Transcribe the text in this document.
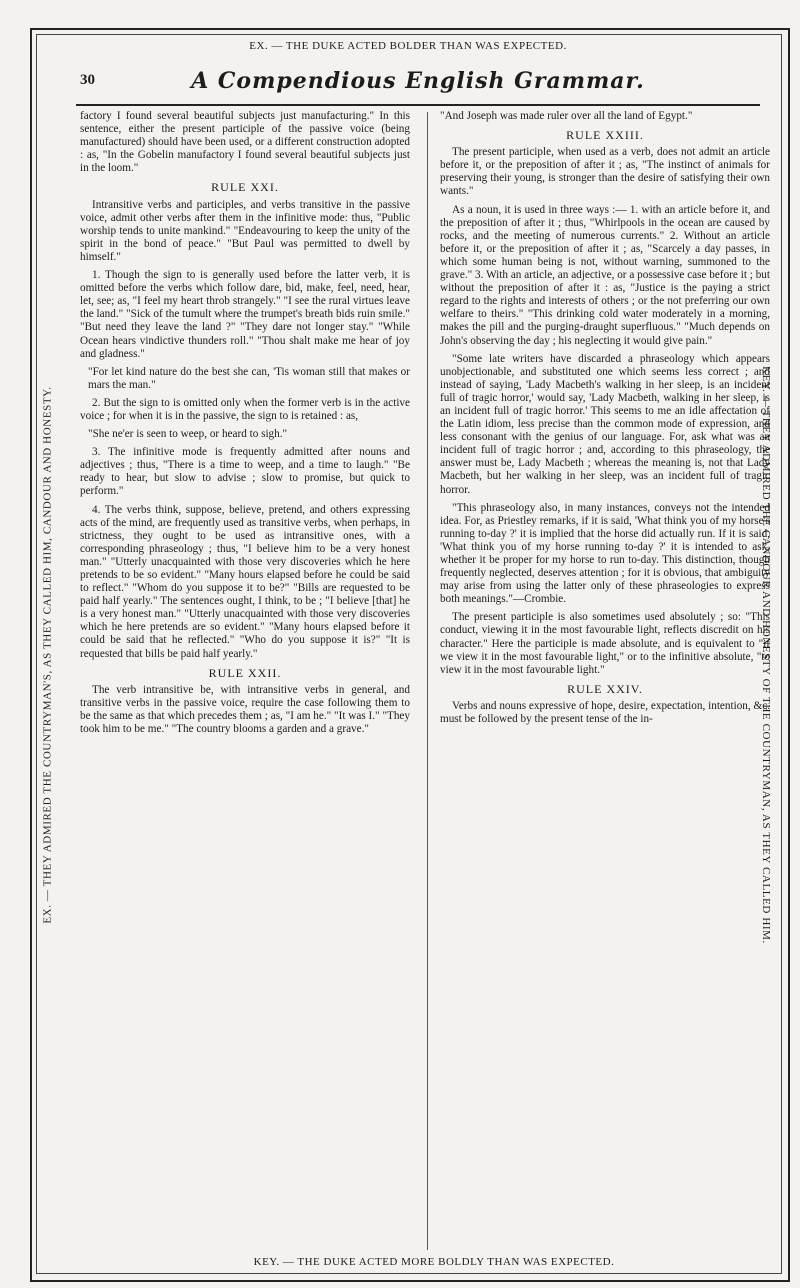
EX. — THE DUKE ACTED BOLDER THAN WAS EXPECTED.
KEY. — THE DUKE ACTED MORE BOLDLY THAN WAS EXPECTED.
EX. — THEY ADMIRED THE COUNTRYMAN'S, AS THEY CALLED HIM, CANDOUR AND HONESTY.	KEY. — THEY ADMIRED THE CANDOUR AND HONESTY OF THE COUNTRYMAN, AS THEY CALLED HIM.
30	A Compendious English Grammar.

factory I found several beautiful subjects just manufacturing." In this sentence, either the present participle of the passive voice (being manufactured) should have been used, or a different construction adopted : as, "In the Gobelin manufactory I found several beautiful subjects just in the loom."

RULE XXI.

Intransitive verbs and participles, and verbs transitive in the passive voice, admit other verbs after them in the infinitive mode: thus, "Public worship tends to unite mankind." "Endeavouring to keep the unity of the spirit in the bond of peace." "But Paul was permitted to dwell by himself."

1. Though the sign to is generally used before the latter verb, it is omitted before the verbs which follow dare, bid, make, feel, need, hear, let, see; as, "I feel my heart throb strangely." "I see the rural virtues leave the land." "Sick of the tumult where the trumpet's breath bids ruin smile." "But need they leave the land ?" "They dare not longer stay." "While Ocean hears vindictive thunders roll." "Thou shalt make me hear of joy and gladness."

"For let kind nature do the best she can, 'Tis woman still that makes or mars the man."

2. But the sign to is omitted only when the former verb is in the active voice ; for when it is in the passive, the sign to is retained : as,

"She ne'er is seen to weep, or heard to sigh."

3. The infinitive mode is frequently admitted after nouns and adjectives ; thus, "There is a time to weep, and a time to laugh." "Be ready to hear, but slow to advise ; slow to promise, but quick to perform."

4. The verbs think, suppose, believe, pretend, and others expressing acts of the mind, are frequently used as transitive verbs, when perhaps, in strictness, they ought to be used as intransitive ones, with a corresponding phraseology ; thus, "I believe him to be a very honest man." "Utterly unacquainted with those very discoveries which he here pretends to be so evident." "Many hours elapsed before he could be said to reflect." "Whom do you suppose it to be?" "Bills are requested to be paid half yearly." The sentences ought, I think, to be ; "I believe [that] he is a very honest man." "Utterly unacquainted with those very discoveries which he here pretends are so evident." "Many hours elapsed before it could be said that he reflected." "Who do you suppose it is?" "It is requested that bills be paid half yearly."

RULE XXII.

The verb intransitive be, with intransitive verbs in general, and transitive verbs in the passive voice, require the case following them to be the same as that which precedes them ; as, "I am he." "It was I." "They took him to be me." "The country blooms a garden and a grave."

"And Joseph was made ruler over all the land of Egypt."

RULE XXIII.

The present participle, when used as a verb, does not admit an article before it, or the preposition of after it ; as, "The instinct of animals for preserving their young, is stronger than the desire of satisfying their own wants."

As a noun, it is used in three ways :— 1. with an article before it, and the preposition of after it ; thus, "Whirlpools in the ocean are caused by rocks, and the meeting of numerous currents." 2. Without an article before it, or the preposition of after it ; as, "Scarcely a day passes, in which some human being is not, without warning, summoned to the grave." 3. With an article, an adjective, or a possessive case before it ; but without the preposition of after it : as, "Justice is the paying a strict regard to the rights and interests of others ; or the not preferring our own welfare to theirs." "This drinking cold water moderately in a morning, makes the pill and the purging-draught superfluous." "Much depends on John's observing the day ; his neglecting it would give pain."

"Some late writers have discarded a phraseology which appears unobjectionable, and substituted one which seems less correct ; and instead of saying, 'Lady Macbeth's walking in her sleep, is an incident full of tragic horror,' would say, 'Lady Macbeth, walking in her sleep, is an incident full of tragic horror.' This seems to me an idle affectation of the Latin idiom, less precise than the common mode of expression, and less consonant with the genius of our language. For, ask what was an incident full of tragic horror ; and, according to this phraseology, the answer must be, Lady Macbeth ; whereas the meaning is, not that Lady Macbeth, but her walking in her sleep, was an incident full of tragic horror.

"This phraseology also, in many instances, conveys not the intended idea. For, as Priestley remarks, if it is said, 'What think you of my horse's running to-day ?' it is implied that the horse did actually run. If it is said, 'What think you of my horse running to-day ?' it is intended to ask, whether it be proper for my horse to run to-day. This distinction, though frequently neglected, deserves attention ; for it is obvious, that ambiguity may arise from using the latter only of these phraseologies to express both meanings."—Crombie.

The present participle is also sometimes used absolutely ; so: "This conduct, viewing it in the most favourable light, reflects discredit on his character." Here the participle is made absolute, and is equivalent to "if we view it in the most favourable light," or to the infinitive absolute, "to view it in the most favourable light."

RULE XXIV.

Verbs and nouns expressive of hope, desire, expectation, intention, &c. must be followed by the present tense of the in-
